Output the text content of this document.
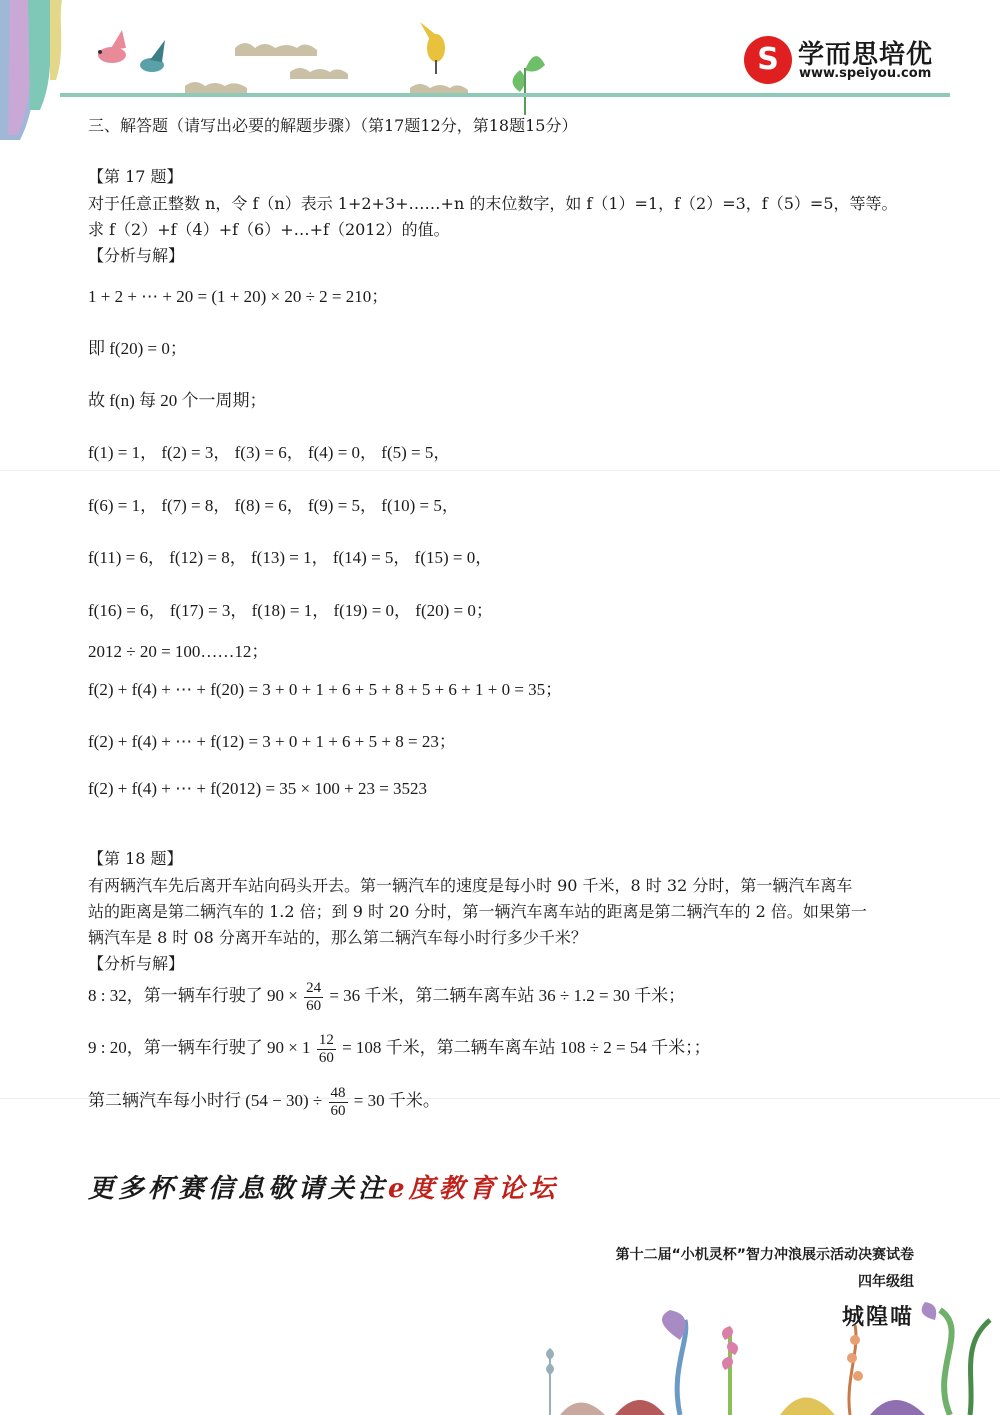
S 学而思培优
www.speiyou.com
三、解答题（请写出必要的解题步骤）（第17题12分，第18题15分）
【第 17 题】
对于任意正整数 n，令 f（n）表示 1+2+3+……+n 的末位数字，如 f（1）=1，f（2）=3，f（5）=5，等等。
求 f（2）+f（4）+f（6）+…+f（2012）的值。
【分析与解】
1 + 2 + ⋯ + 20 = (1 + 20) × 20 ÷ 2 = 210；
即 f(20) = 0；
故 f(n) 每 20 个一周期；
f(1) = 1， f(2) = 3， f(3) = 6， f(4) = 0， f(5) = 5，
f(6) = 1， f(7) = 8， f(8) = 6， f(9) = 5， f(10) = 5，
f(11) = 6， f(12) = 8， f(13) = 1， f(14) = 5， f(15) = 0，
f(16) = 6， f(17) = 3， f(18) = 1， f(19) = 0， f(20) = 0；
2012 ÷ 20 = 100……12；
f(2) + f(4) + ⋯ + f(20) = 3 + 0 + 1 + 6 + 5 + 8 + 5 + 6 + 1 + 0 = 35；
f(2) + f(4) + ⋯ + f(12) = 3 + 0 + 1 + 6 + 5 + 8 = 23；
f(2) + f(4) + ⋯ + f(2012) = 35 × 100 + 23 = 3523
【第 18 题】
有两辆汽车先后离开车站向码头开去。第一辆汽车的速度是每小时 90 千米，8 时 32 分时，第一辆汽车离车
站的距离是第二辆汽车的 1.2 倍；到 9 时 20 分时，第一辆汽车离车站的距离是第二辆汽车的 2 倍。如果第一
辆汽车是 8 时 08 分离开车站的，那么第二辆汽车每小时行多少千米？
【分析与解】
8 : 32，第一辆车行驶了 $90 \times \frac{24}{60} = 36$ 千米，第二辆车离车站 36 ÷ 1.2 = 30 千米；
9 : 20，第一辆车行驶了 $90 \times 1 \frac{12}{60} = 108$ 千米，第二辆车离车站 108 ÷ 2 = 54 千米；；
第二辆汽车每小时行 $(54 - 30) \div \frac{48}{60} = 30$ 千米。
更多杯赛信息敬请关注e度教育论坛
第十二届“小机灵杯”智力冲浪展示活动决赛试卷
四年级组
城隍喵
